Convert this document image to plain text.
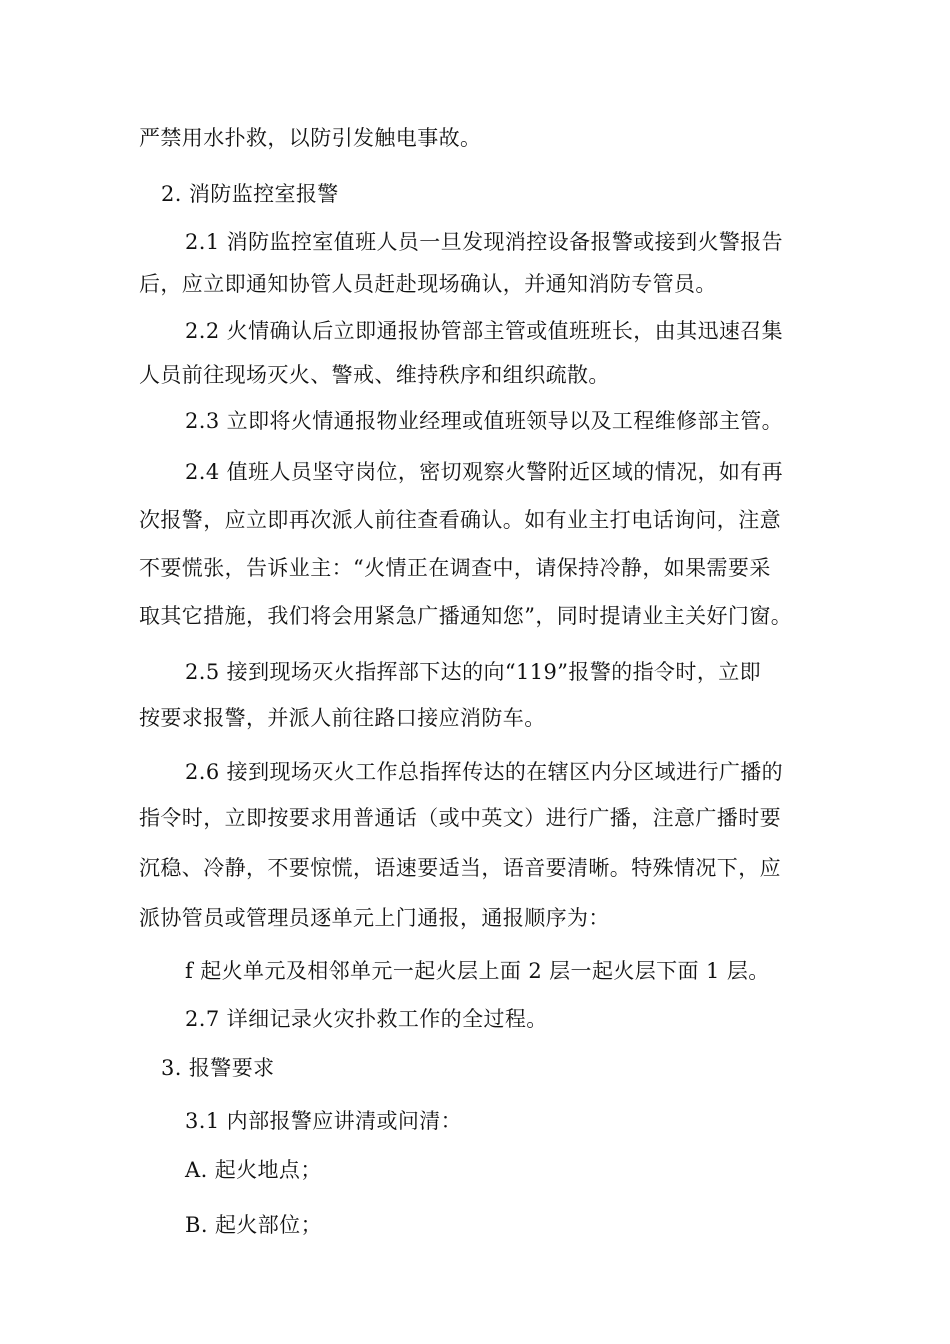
严禁用水扑救，以防引发触电事故。
2. 消防监控室报警
2.1 消防监控室值班人员一旦发现消控设备报警或接到火警报告
后，应立即通知协管人员赶赴现场确认，并通知消防专管员。
2.2 火情确认后立即通报协管部主管或值班班长，由其迅速召集
人员前往现场灭火、警戒、维持秩序和组织疏散。
2.3 立即将火情通报物业经理或值班领导以及工程维修部主管。
2.4 值班人员坚守岗位，密切观察火警附近区域的情况，如有再
次报警，应立即再次派人前往查看确认。如有业主打电话询问，注意
不要慌张，告诉业主：“火情正在调查中，请保持冷静，如果需要采
取其它措施，我们将会用紧急广播通知您”，同时提请业主关好门窗。
2.5 接到现场灭火指挥部下达的向“119”报警的指令时，立即
按要求报警，并派人前往路口接应消防车。
2.6 接到现场灭火工作总指挥传达的在辖区内分区域进行广播的
指令时，立即按要求用普通话（或中英文）进行广播，注意广播时要
沉稳、冷静，不要惊慌，语速要适当，语音要清晰。特殊情况下，应
派协管员或管理员逐单元上门通报，通报顺序为：
f 起火单元及相邻单元一起火层上面 2 层一起火层下面 1 层。
2.7 详细记录火灾扑救工作的全过程。
3. 报警要求
3.1 内部报警应讲清或问清：
A. 起火地点；
B. 起火部位；
